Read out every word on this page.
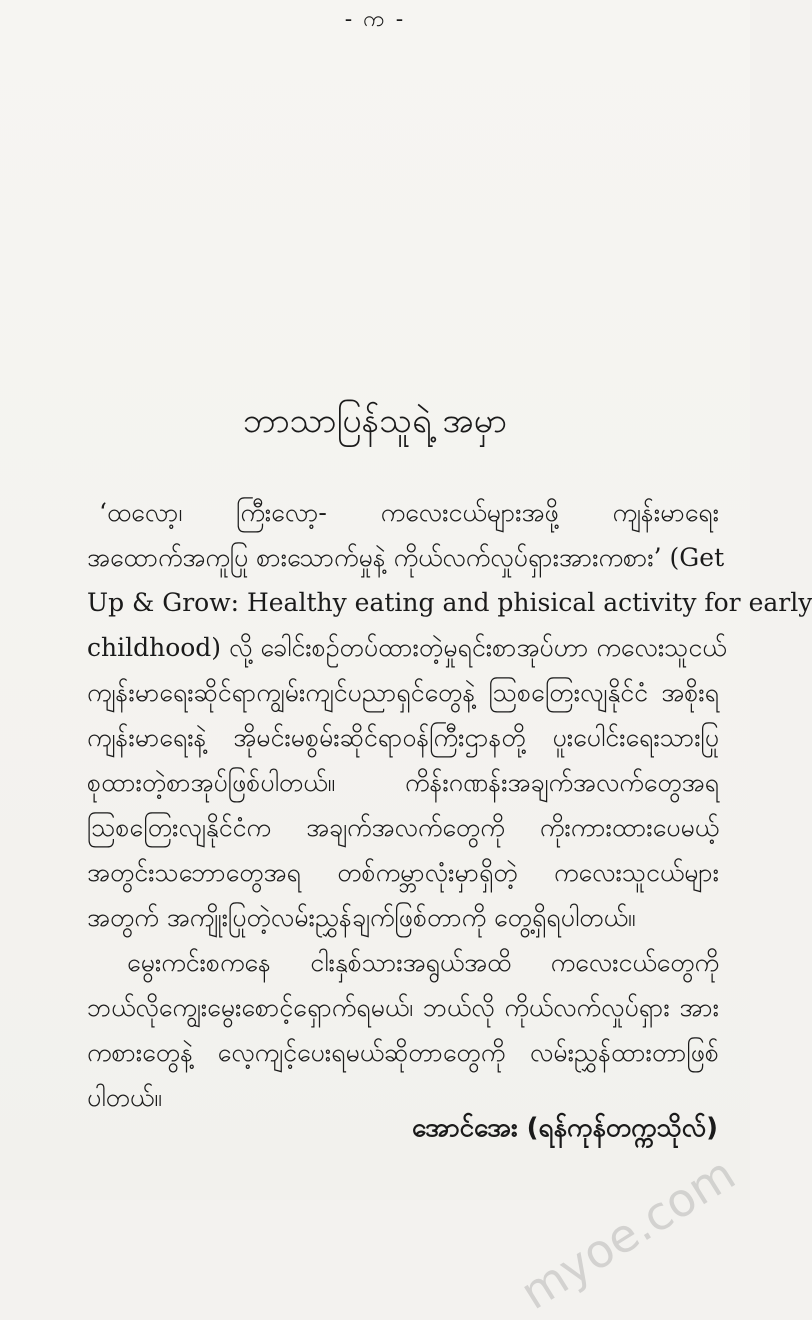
- က -
ဘာသာပြန်သူရဲ့ အမှာ
‘ထလော့၊ ကြီးလော့- ကလေးငယ်များအဖို့ ကျန်းမာရေး
အထောက်အကူပြု စားသောက်မှုနဲ့ ကိုယ်လက်လှုပ်ရှားအားကစား’ (Get
Up & Grow: Healthy eating and phisical activity for early
childhood) လို့ ခေါင်းစဉ်တပ်ထားတဲ့မှုရင်းစာအုပ်ဟာ ကလေးသူငယ်
ကျန်းမာရေးဆိုင်ရာကျွမ်းကျင်ပညာရှင်တွေနဲ့ ဩစတြေးလျနိုင်ငံ အစိုးရ
ကျန်းမာရေးနဲ့ အိုမင်းမစွမ်းဆိုင်ရာဝန်ကြီးဌာနတို့ ပူးပေါင်းရေးသားပြု
စုထားတဲ့စာအုပ်ဖြစ်ပါတယ်။ ကိန်းဂဏန်းအချက်အလက်တွေအရ
ဩစတြေးလျနိုင်ငံက အချက်အလက်တွေကို ကိုးကားထားပေမယ့်
အတွင်းသဘောတွေအရ တစ်ကမ္ဘာလုံးမှာရှိတဲ့ ကလေးသူငယ်များ
အတွက် အကျိုးပြုတဲ့လမ်းညွှန်ချက်ဖြစ်တာကို တွေ့ရှိရပါတယ်။
မွေးကင်းစကနေ ငါးနှစ်သားအရွယ်အထိ ကလေးငယ်တွေကို
ဘယ်လိုကျွေးမွေးစောင့်ရှောက်ရမယ်၊ ဘယ်လို ကိုယ်လက်လှုပ်ရှား အား
ကစားတွေနဲ့ လေ့ကျင့်ပေးရမယ်ဆိုတာတွေကို လမ်းညွှန်ထားတာဖြစ်
ပါတယ်။
အောင်အေး (ရန်ကုန်တက္ကသိုလ်)
myoe.com
